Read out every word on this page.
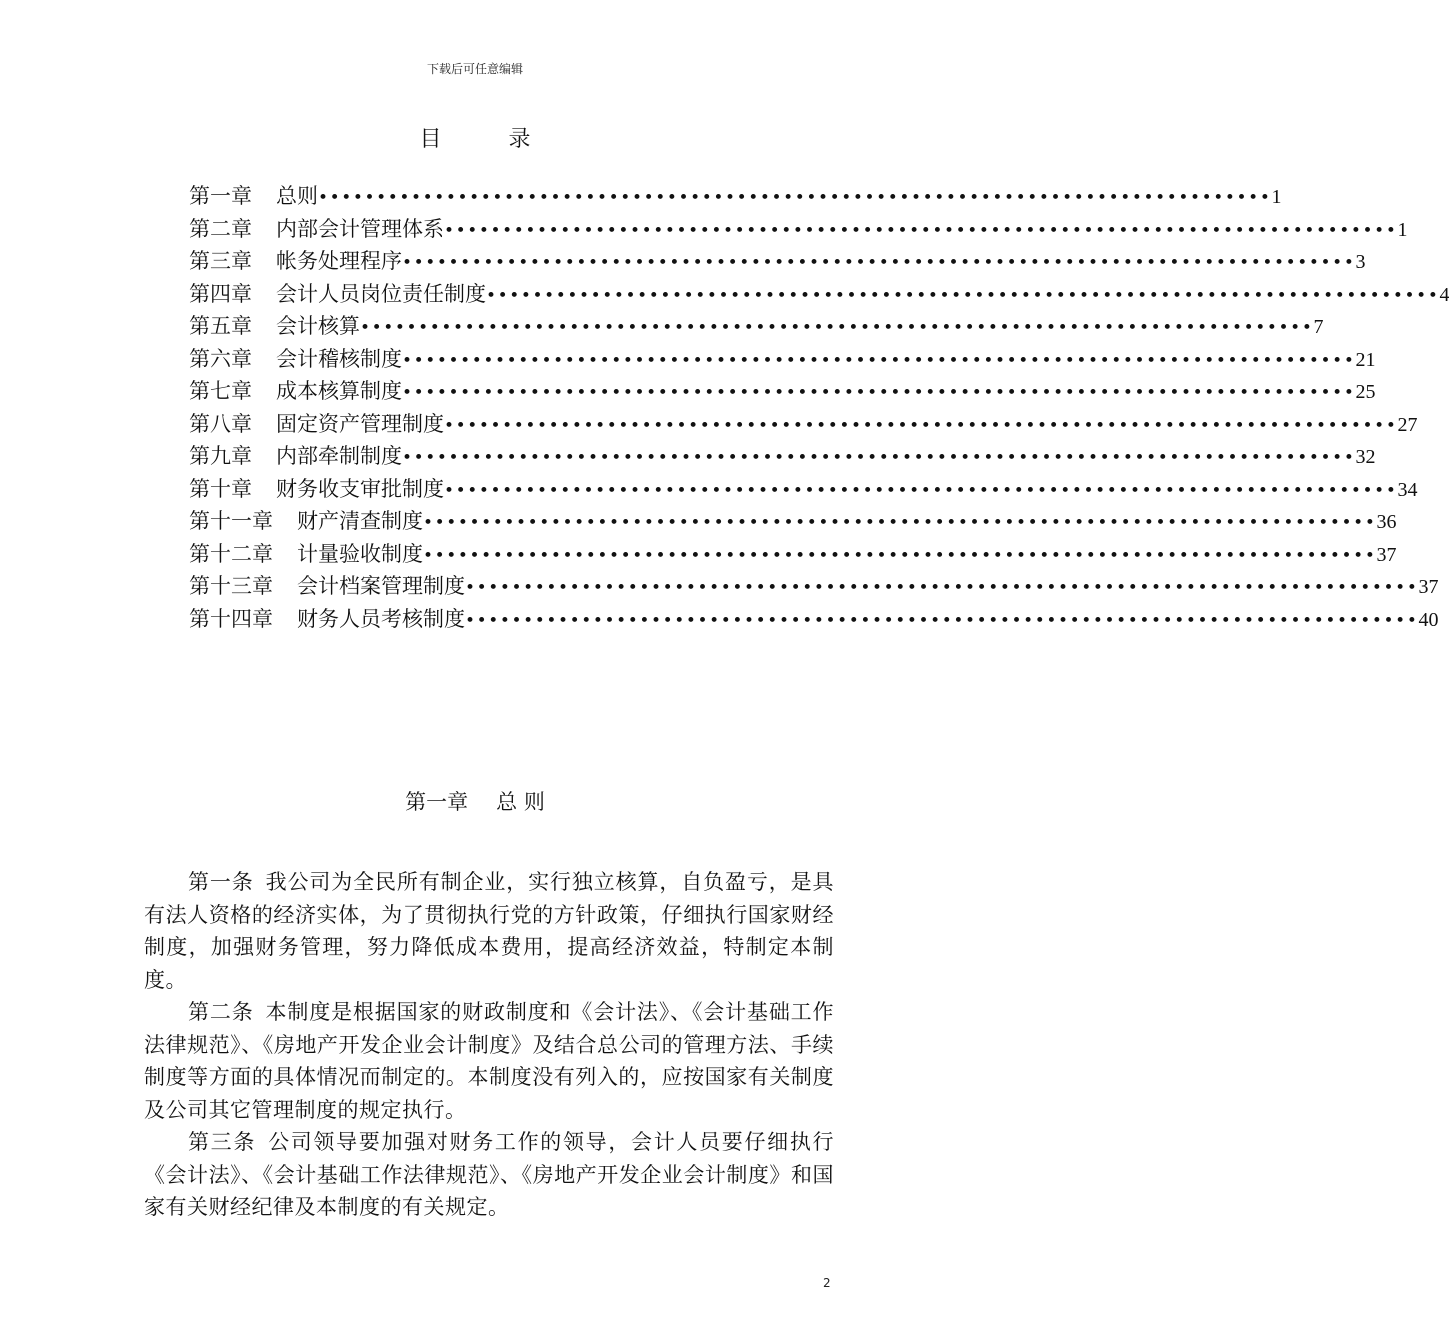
下载后可任意编辑
目 录
第一章	总则 •••••••••••••••••••••••••••••••••••••••••••••••••••••••••••••••••••••••••••••••••• 1
第二章	内部会计管理体系 •••••••••••••••••••••••••••••••••••••••••••••••••••••••••••••••••••••••••••••••••• 1
第三章	帐务处理程序 •••••••••••••••••••••••••••••••••••••••••••••••••••••••••••••••••••••••••••••••••• 3
第四章	会计人员岗位责任制度 •••••••••••••••••••••••••••••••••••••••••••••••••••••••••••••••••••••••••••••••••• 4
第五章	会计核算 •••••••••••••••••••••••••••••••••••••••••••••••••••••••••••••••••••••••••••••••••• 7
第六章	会计稽核制度 •••••••••••••••••••••••••••••••••••••••••••••••••••••••••••••••••••••••••••••••••• 21
第七章	成本核算制度 •••••••••••••••••••••••••••••••••••••••••••••••••••••••••••••••••••••••••••••••••• 25
第八章	固定资产管理制度 •••••••••••••••••••••••••••••••••••••••••••••••••••••••••••••••••••••••••••••••••• 27
第九章	内部牵制制度 •••••••••••••••••••••••••••••••••••••••••••••••••••••••••••••••••••••••••••••••••• 32
第十章	财务收支审批制度 •••••••••••••••••••••••••••••••••••••••••••••••••••••••••••••••••••••••••••••••••• 34
第十一章	财产清查制度 •••••••••••••••••••••••••••••••••••••••••••••••••••••••••••••••••••••••••••••••••• 36
第十二章	计量验收制度 •••••••••••••••••••••••••••••••••••••••••••••••••••••••••••••••••••••••••••••••••• 37
第十三章	会计档案管理制度 •••••••••••••••••••••••••••••••••••••••••••••••••••••••••••••••••••••••••••••••••• 37
第十四章	财务人员考核制度 •••••••••••••••••••••••••••••••••••••••••••••••••••••••••••••••••••••••••••••••••• 40
第一章 总 则

第一条 我公司为全民所有制企业，实行独立核算，自负盈亏，是具有法人资格的经济实体，为了贯彻执行党的方针政策，仔细执行国家财经制度，加强财务管理，努力降低成本费用，提高经济效益，特制定本制度。

第二条 本制度是根据国家的财政制度和《会计法》、《会计基础工作法律规范》、《房地产开发企业会计制度》及结合总公司的管理方法、手续制度等方面的具体情况而制定的。本制度没有列入的，应按国家有关制度及公司其它管理制度的规定执行。

第三条 公司领导要加强对财务工作的领导，会计人员要仔细执行《会计法》、《会计基础工作法律规范》、《房地产开发企业会计制度》和国家有关财经纪律及本制度的有关规定。

2
